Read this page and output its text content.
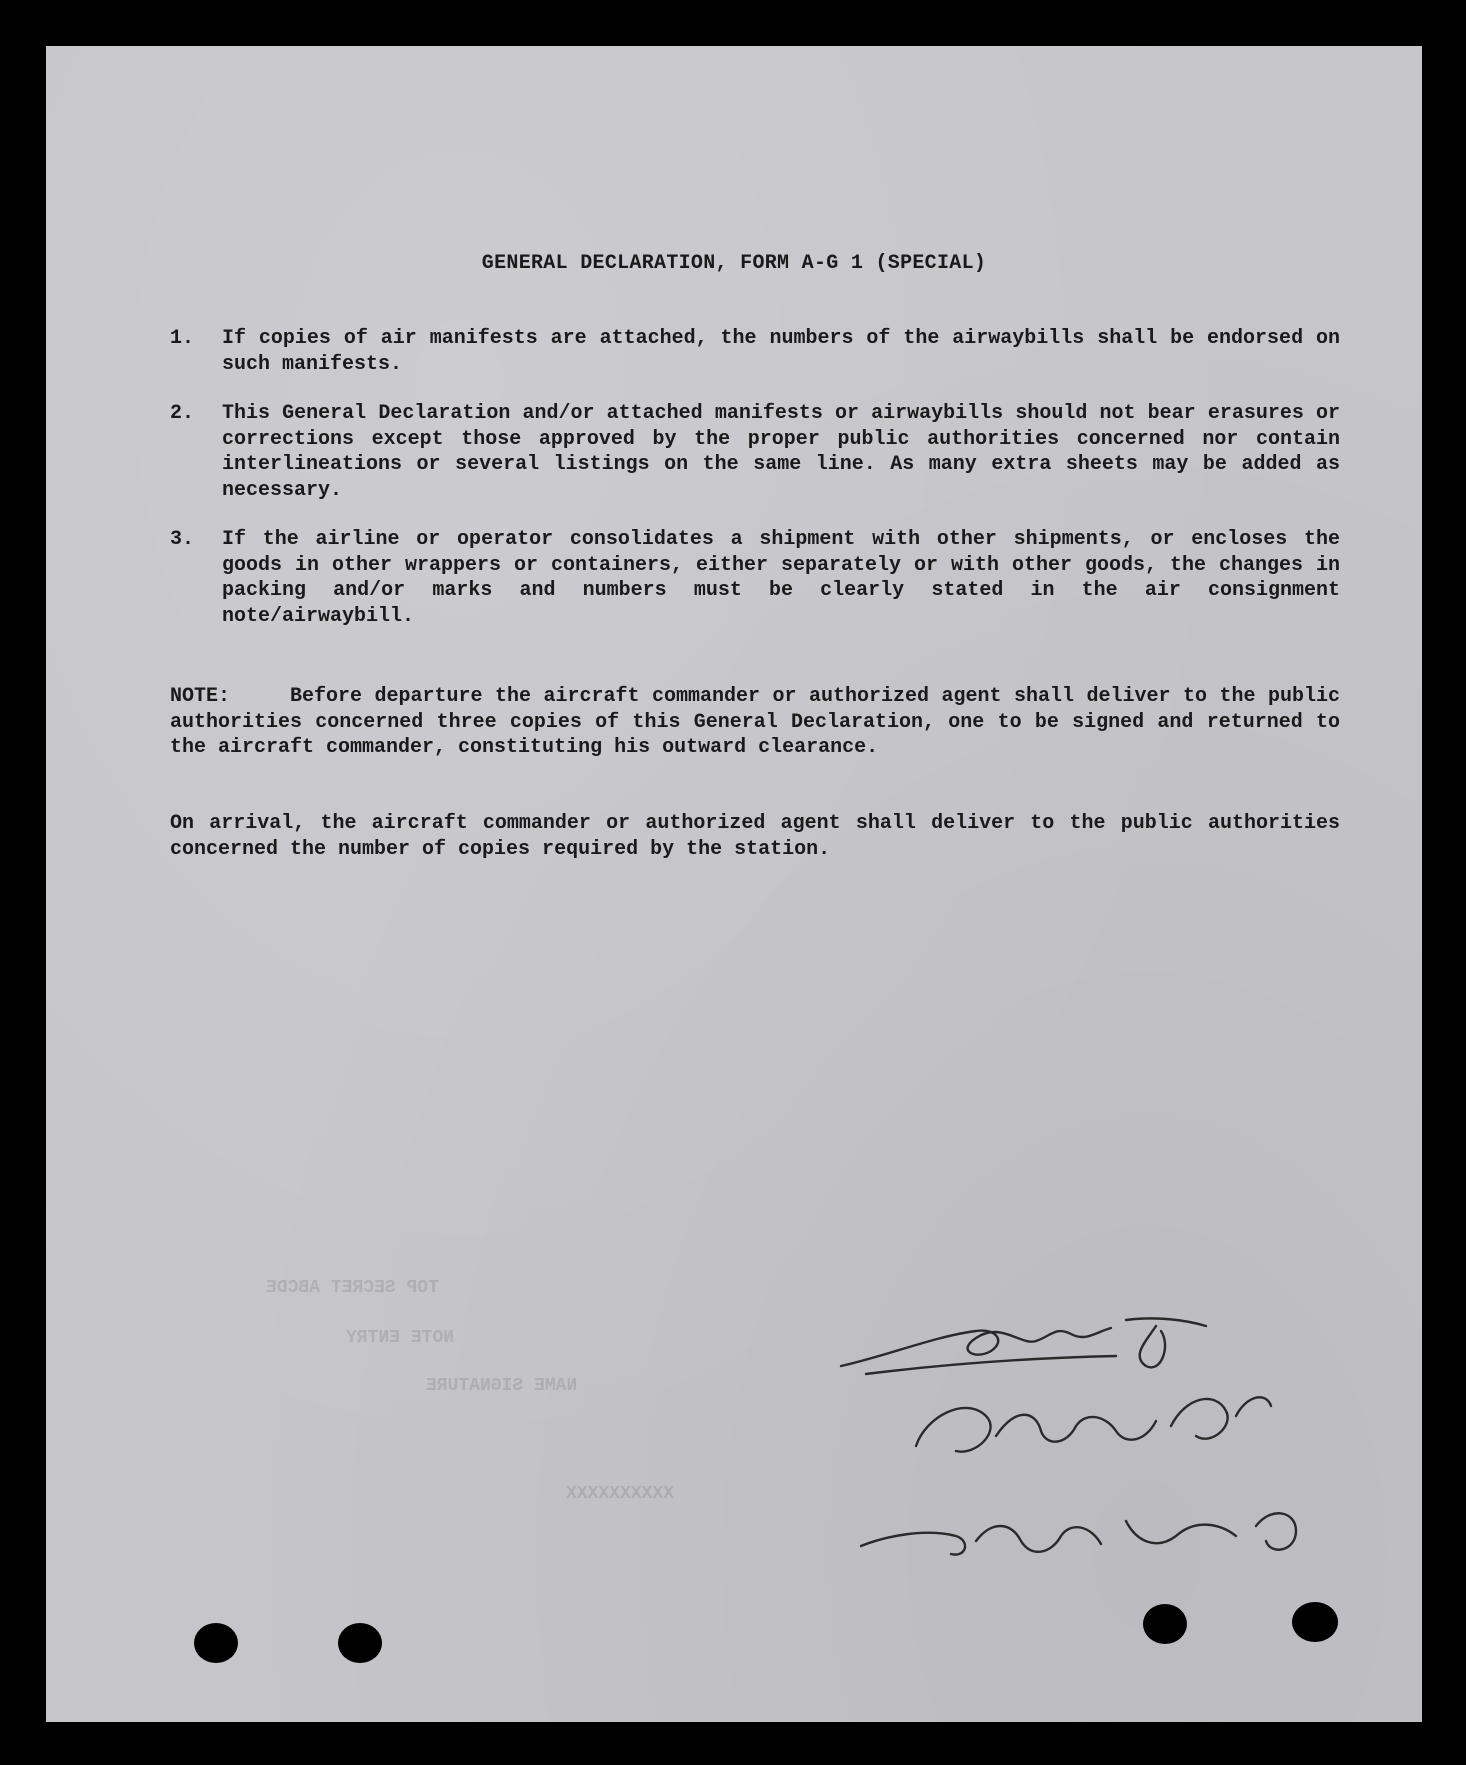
GENERAL DECLARATION, FORM A-G 1 (SPECIAL)
1.	If copies of air manifests are attached, the numbers of the airwaybills shall be endorsed on such manifests.
2.	This General Declaration and/or attached manifests or airwaybills should not bear erasures or corrections except those approved by the proper public authorities concerned nor contain interlineations or several listings on the same line. As many extra sheets may be added as necessary.
3.	If the airline or operator consolidates a shipment with other shipments, or encloses the goods in other wrappers or containers, either separately or with other goods, the changes in packing and/or marks and numbers must be clearly stated in the air consignment note/airwaybill.
NOTE:	Before departure the aircraft commander or authorized agent shall deliver to the public authorities concerned three copies of this General Declaration, one to be signed and returned to the aircraft commander, constituting his outward clearance.
On arrival, the aircraft commander or authorized agent shall deliver to the public authorities concerned the number of copies required by the station.
TOP SECRET ABCDE
NOTE ENTRY
NAME SIGNATURE
XXXXXXXXXX
